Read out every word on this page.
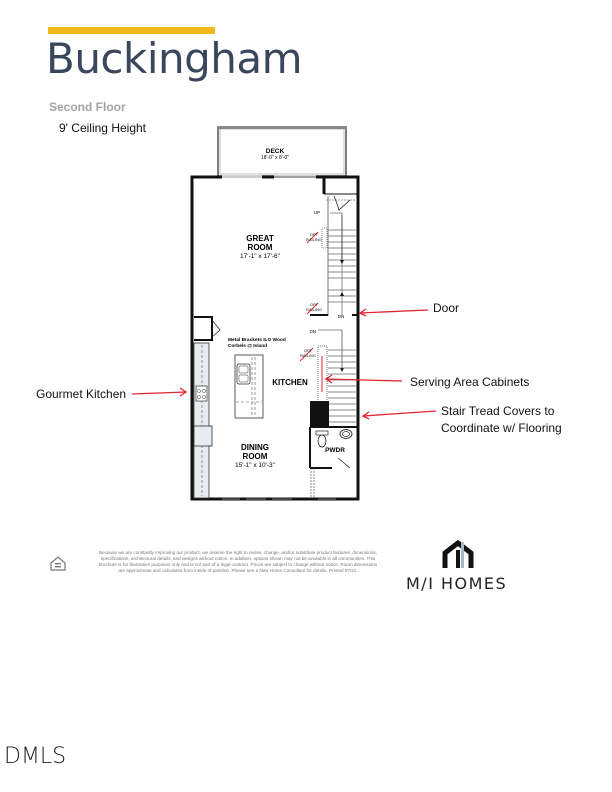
Buckingham
Second Floor
9' Ceiling Height
UP
DN
DN
OPT
RAILING
OPT
RAILING
OPT
RAILING
DECK
18'-0" x 8'-0"
GREAT
ROOM
17'-1" x 17'-6"
Metal Brackets ILO Wood
Corbels @ Island
KITCHEN
DINING
ROOM
15'-1" x 10'-3"
PWDR
Door
Serving Area Cabinets
Stair Tread Covers to
Coordinate w/ Flooring
Gourmet Kitchen
Because we are constantly improving our product, we reserve the right to revise, change, and/or substitute product features, dimensions, specifications, architectural details, and designs without notice. In addition, options shown may not be available in all communities. This brochure is for illustration purposes only and is not part of a legal contract. Prices are subject to change without notice. Room dimensions are approximate and calculated from inside of partition. Please see a New Home Consultant for details. Printed 07/21.
M/I HOMES
DMLS
